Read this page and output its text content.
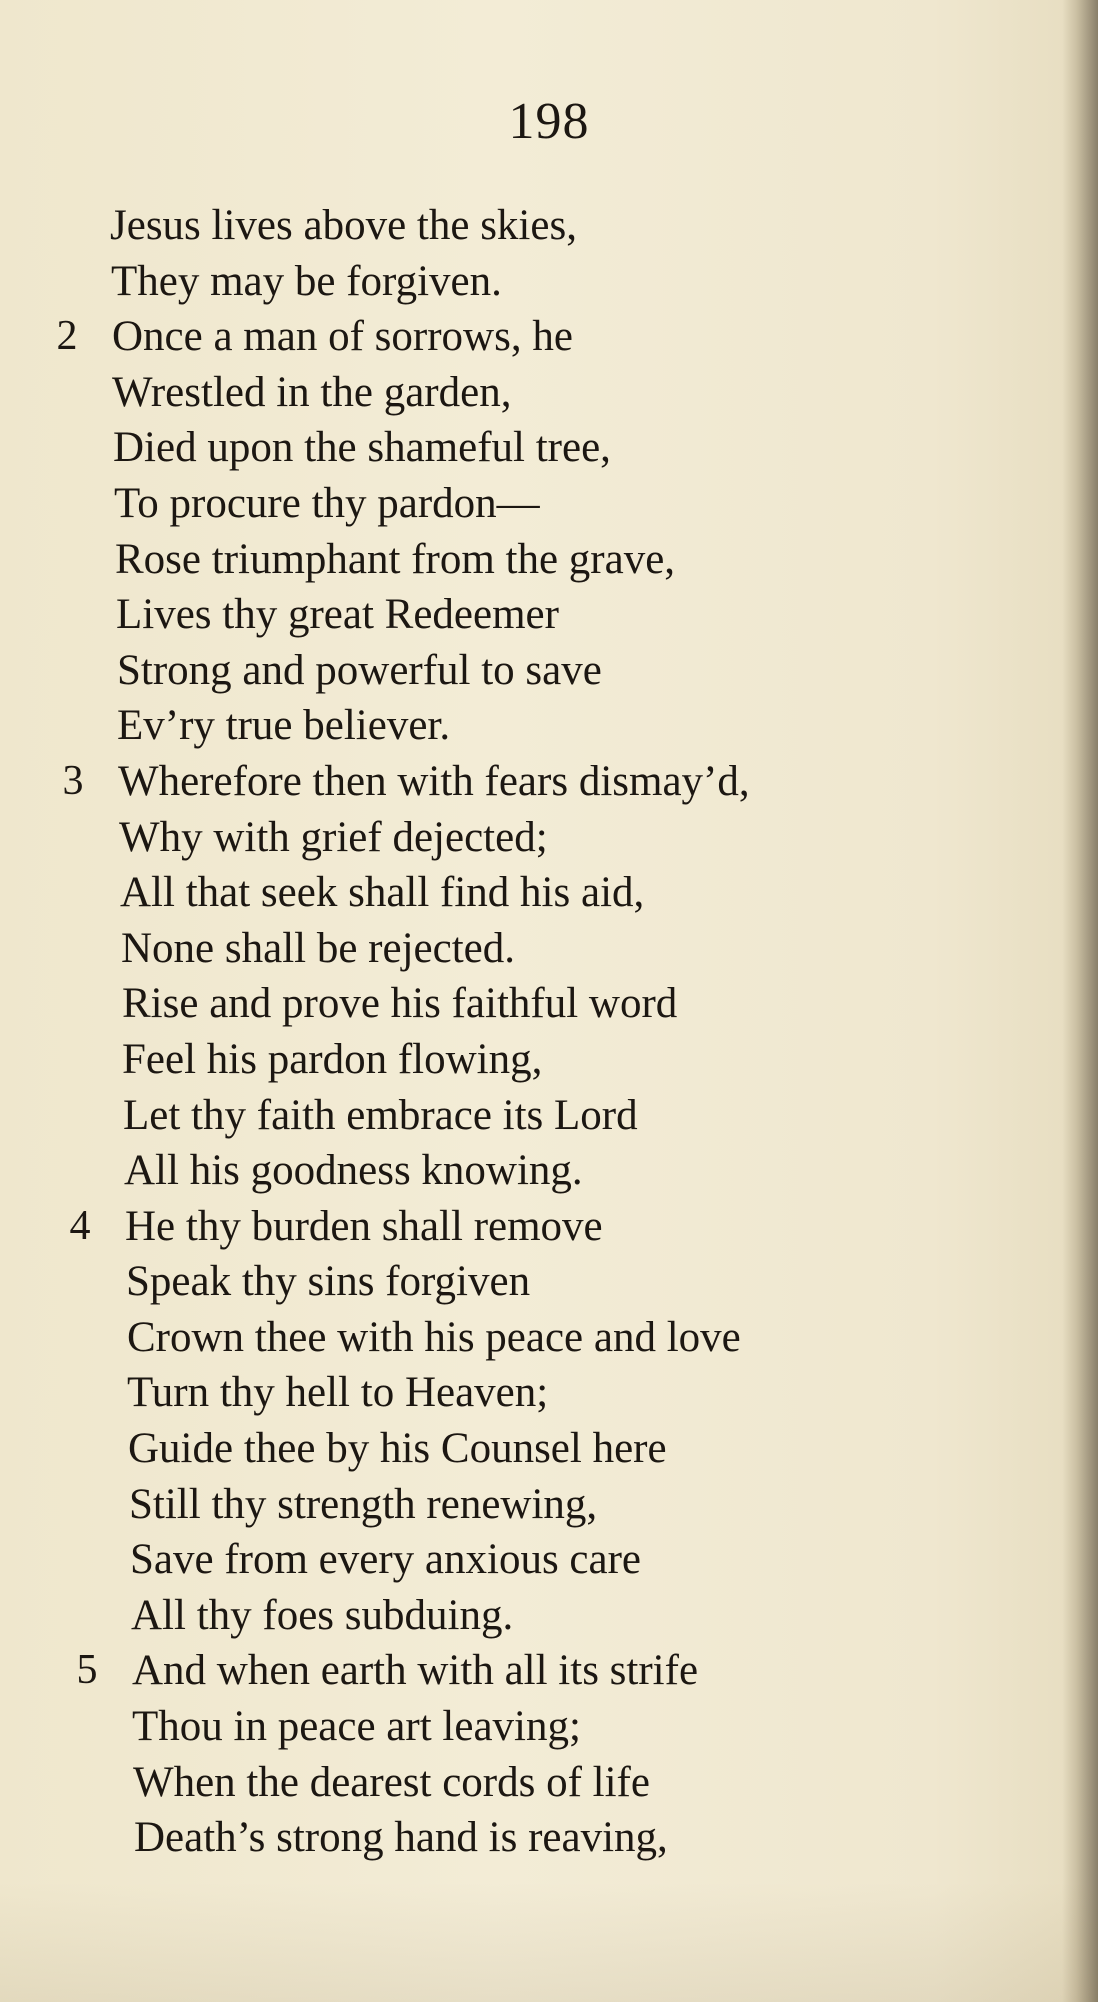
198
Jesus lives above the skies,
They may be forgiven.
2 Once a man of sorrows, he
Wrestled in the garden,
Died upon the shameful tree,
To procure thy pardon—
Rose triumphant from the grave,
Lives thy great Redeemer
Strong and powerful to save
Ev’ry true believer.
3 Wherefore then with fears dismay’d,
Why with grief dejected;
All that seek shall find his aid,
None shall be rejected.
Rise and prove his faithful word
Feel his pardon flowing,
Let thy faith embrace its Lord
All his goodness knowing.
4 He thy burden shall remove
Speak thy sins forgiven
Crown thee with his peace and love
Turn thy hell to Heaven;
Guide thee by his Counsel here
Still thy strength renewing,
Save from every anxious care
All thy foes subduing.
5 And when earth with all its strife
Thou in peace art leaving;
When the dearest cords of life
Death’s strong hand is reaving,
